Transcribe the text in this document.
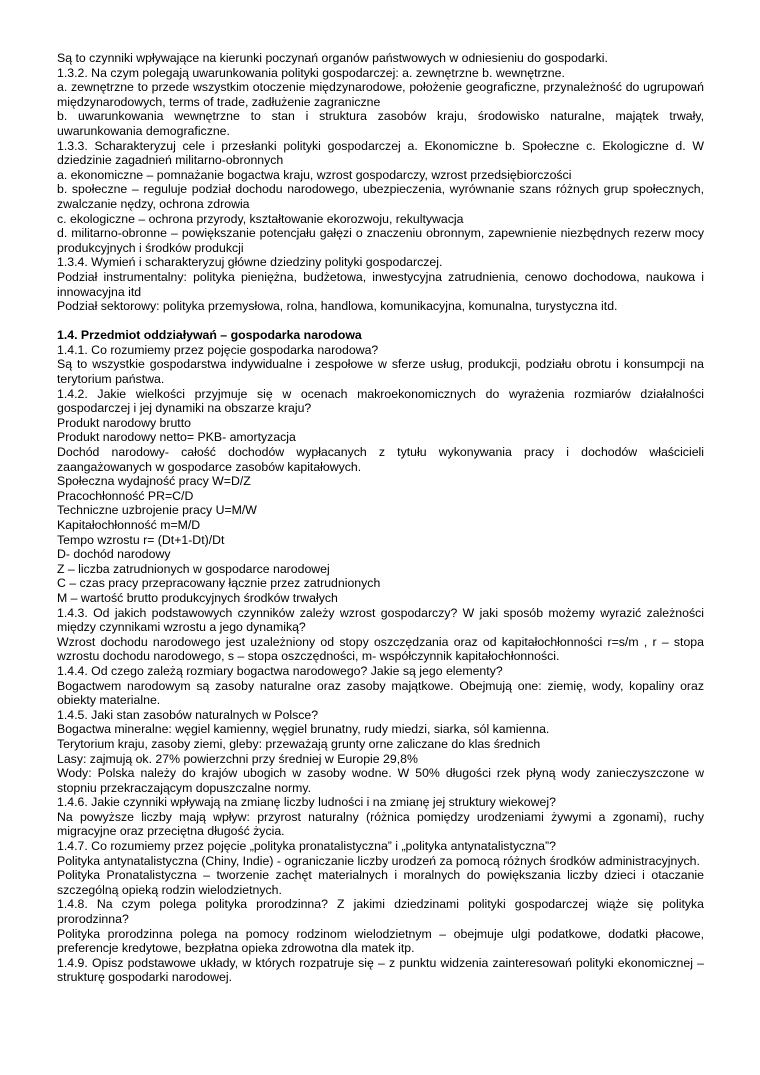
Są to czynniki wpływające na kierunki poczynań organów państwowych w odniesieniu do gospodarki.

1.3.2. Na czym polegają uwarunkowania polityki gospodarczej: a. zewnętrzne b. wewnętrzne.

a. zewnętrzne to przede wszystkim otoczenie międzynarodowe, położenie geograficzne, przynależność do ugrupowań międzynarodowych, terms of trade, zadłużenie zagraniczne

b. uwarunkowania wewnętrzne to stan i struktura zasobów kraju, środowisko naturalne, majątek trwały, uwarunkowania demograficzne.

1.3.3. Scharakteryzuj cele i przesłanki polityki gospodarczej a. Ekonomiczne b. Społeczne c. Ekologiczne d. W dziedzinie zagadnień militarno-obronnych

a. ekonomiczne – pomnażanie bogactwa kraju, wzrost gospodarczy, wzrost przedsiębiorczości

b. społeczne – reguluje podział dochodu narodowego, ubezpieczenia, wyrównanie szans różnych grup społecznych, zwalczanie nędzy, ochrona zdrowia

c. ekologiczne – ochrona przyrody, kształtowanie ekorozwoju, rekultywacja

d. militarno-obronne – powiększanie potencjału gałęzi o znaczeniu obronnym, zapewnienie niezbędnych rezerw mocy produkcyjnych i środków produkcji

1.3.4. Wymień i scharakteryzuj główne dziedziny polityki gospodarczej.

Podział instrumentalny: polityka pieniężna, budżetowa, inwestycyjna zatrudnienia, cenowo dochodowa, naukowa i innowacyjna itd

Podział sektorowy: polityka przemysłowa, rolna, handlowa, komunikacyjna, komunalna, turystyczna itd.

1.4. Przedmiot oddziaływań – gospodarka narodowa

1.4.1. Co rozumiemy przez pojęcie gospodarka narodowa?

Są to wszystkie gospodarstwa indywidualne i zespołowe w sferze usług, produkcji, podziału obrotu i konsumpcji na terytorium państwa.

1.4.2. Jakie wielkości przyjmuje się w ocenach makroekonomicznych do wyrażenia rozmiarów działalności gospodarczej i jej dynamiki na obszarze kraju?

Produkt narodowy brutto

Produkt narodowy netto= PKB- amortyzacja

Dochód narodowy- całość dochodów wypłacanych z tytułu wykonywania pracy i dochodów właścicieli zaangażowanych w gospodarce zasobów kapitałowych.

Społeczna wydajność pracy W=D/Z

Pracochłonność PR=C/D

Techniczne uzbrojenie pracy U=M/W

Kapitałochłonność m=M/D

Tempo wzrostu r= (Dt+1-Dt)/Dt

D- dochód narodowy

Z – liczba zatrudnionych w gospodarce narodowej

C – czas pracy przepracowany łącznie przez zatrudnionych

M – wartość brutto produkcyjnych środków trwałych

1.4.3. Od jakich podstawowych czynników zależy wzrost gospodarczy? W jaki sposób możemy wyrazić zależności między czynnikami wzrostu a jego dynamiką?

Wzrost dochodu narodowego jest uzależniony od stopy oszczędzania oraz od kapitałochłonności r=s/m , r – stopa wzrostu dochodu narodowego, s – stopa oszczędności, m- współczynnik kapitałochłonności.

1.4.4. Od czego zależą rozmiary bogactwa narodowego? Jakie są jego elementy?

Bogactwem narodowym są zasoby naturalne oraz zasoby majątkowe. Obejmują one: ziemię, wody, kopaliny oraz obiekty materialne.

1.4.5. Jaki stan zasobów naturalnych w Polsce?

Bogactwa mineralne: węgiel kamienny, węgiel brunatny, rudy miedzi, siarka, sól kamienna.

Terytorium kraju, zasoby ziemi, gleby: przeważają grunty orne zaliczane do klas średnich

Lasy: zajmują ok. 27% powierzchni przy średniej w Europie 29,8%

Wody: Polska należy do krajów ubogich w zasoby wodne. W 50% długości rzek płyną wody zanieczyszczone w stopniu przekraczającym dopuszczalne normy.

1.4.6. Jakie czynniki wpływają na zmianę liczby ludności i na zmianę jej struktury wiekowej?

Na powyższe liczby mają wpływ: przyrost naturalny (różnica pomiędzy urodzeniami żywymi a zgonami), ruchy migracyjne oraz przeciętna długość życia.

1.4.7. Co rozumiemy przez pojęcie „polityka pronatalistyczna” i „polityka antynatalistyczna”?

Polityka antynatalistyczna (Chiny, Indie) - ograniczanie liczby urodzeń za pomocą różnych środków administracyjnych.

Polityka Pronatalistyczna – tworzenie zachęt materialnych i moralnych do powiększania liczby dzieci i otaczanie szczególną opieką rodzin wielodzietnych.

1.4.8. Na czym polega polityka prorodzinna? Z jakimi dziedzinami polityki gospodarczej wiąże się polityka prorodzinna?

Polityka prorodzinna polega na pomocy rodzinom wielodzietnym – obejmuje ulgi podatkowe, dodatki płacowe, preferencje kredytowe, bezpłatna opieka zdrowotna dla matek itp.

1.4.9. Opisz podstawowe układy, w których rozpatruje się – z punktu widzenia zainteresowań polityki ekonomicznej – strukturę gospodarki narodowej.
